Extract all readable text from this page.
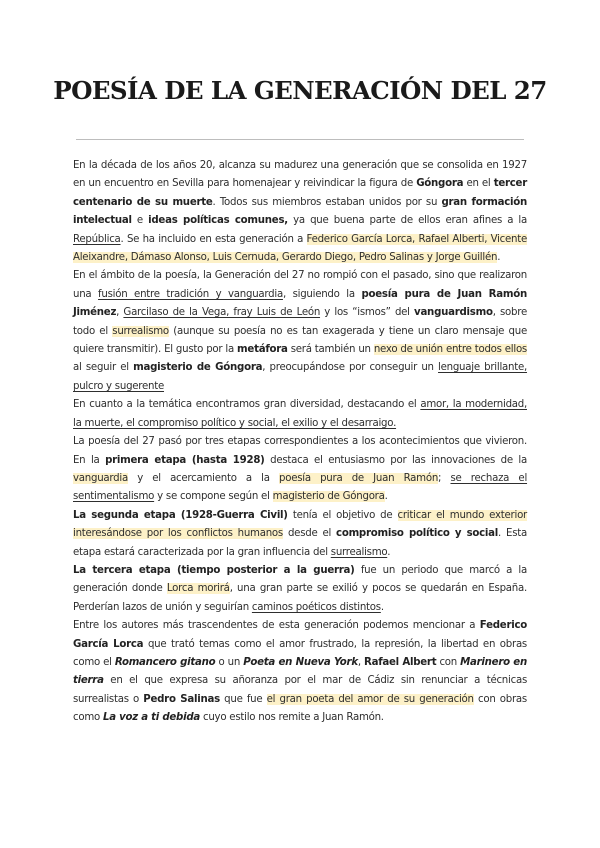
POESÍA DE LA GENERACIÓN DEL 27

En la década de los años 20, alcanza su madurez una generación que se consolida en 1927 en un encuentro en Sevilla para homenajear y reivindicar la figura de Góngora en el tercer centenario de su muerte. Todos sus miembros estaban unidos por su gran formación intelectual e ideas políticas comunes, ya que buena parte de ellos eran afines a la República. Se ha incluido en esta generación a Federico García Lorca, Rafael Alberti, Vicente Aleixandre, Dámaso Alonso, Luis Cernuda, Gerardo Diego, Pedro Salinas y Jorge Guillén.

En el ámbito de la poesía, la Generación del 27 no rompió con el pasado, sino que realizaron una fusión entre tradición y vanguardia, siguiendo la poesía pura de Juan Ramón Jiménez, Garcilaso de la Vega, fray Luis de León y los “ismos” del vanguardismo, sobre todo el surrealismo (aunque su poesía no es tan exagerada y tiene un claro mensaje que quiere transmitir). El gusto por la metáfora será también un nexo de unión entre todos ellos al seguir el magisterio de Góngora, preocupándose por conseguir un lenguaje brillante, pulcro y sugerente

En cuanto a la temática encontramos gran diversidad, destacando el amor, la modernidad, la muerte, el compromiso político y social, el exilio y el desarraigo.

La poesía del 27 pasó por tres etapas correspondientes a los acontecimientos que vivieron. En la primera etapa (hasta 1928) destaca el entusiasmo por las innovaciones de la vanguardia y el acercamiento a la poesía pura de Juan Ramón; se rechaza el sentimentalismo y se compone según el magisterio de Góngora.

La segunda etapa (1928-Guerra Civil) tenía el objetivo de criticar el mundo exterior interesándose por los conflictos humanos desde el compromiso político y social. Esta etapa estará caracterizada por la gran influencia del surrealismo.

La tercera etapa (tiempo posterior a la guerra) fue un periodo que marcó a la generación donde Lorca morirá, una gran parte se exilió y pocos se quedarán en España. Perderían lazos de unión y seguirían caminos poéticos distintos.

Entre los autores más trascendentes de esta generación podemos mencionar a Federico García Lorca que trató temas como el amor frustrado, la represión, la libertad en obras como el Romancero gitano o un Poeta en Nueva York, Rafael Albert con Marinero en tierra en el que expresa su añoranza por el mar de Cádiz sin renunciar a técnicas surrealistas o Pedro Salinas que fue el gran poeta del amor de su generación con obras como La voz a ti debida cuyo estilo nos remite a Juan Ramón.
